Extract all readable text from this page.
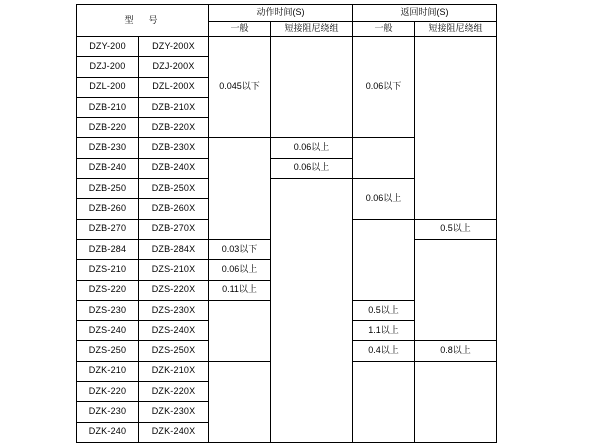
型　号		动作时间(S)		返回时间(S)	
		一般	短接阻尼绕组	一般	短接阻尼绕组
DZY-200	DZY-200X	0.045以下		0.06以下	
DZJ-200	DZJ-200X				
DZL-200	DZL-200X				
DZB-210	DZB-210X				
DZB-220	DZB-220X				
DZB-230	DZB-230X		0.06以上		
DZB-240	DZB-240X		0.06以上		
DZB-250	DZB-250X			0.06以上	
DZB-260	DZB-260X				
DZB-270	DZB-270X				0.5以上
DZB-284	DZB-284X	0.03以下			
DZS-210	DZS-210X	0.06以上			
DZS-220	DZS-220X	0.11以上			
DZS-230	DZS-230X			0.5以上	
DZS-240	DZS-240X			1.1以上	
DZS-250	DZS-250X			0.4以上	0.8以上
DZK-210	DZK-210X				
DZK-220	DZK-220X				
DZK-230	DZK-230X				
DZK-240	DZK-240X				
